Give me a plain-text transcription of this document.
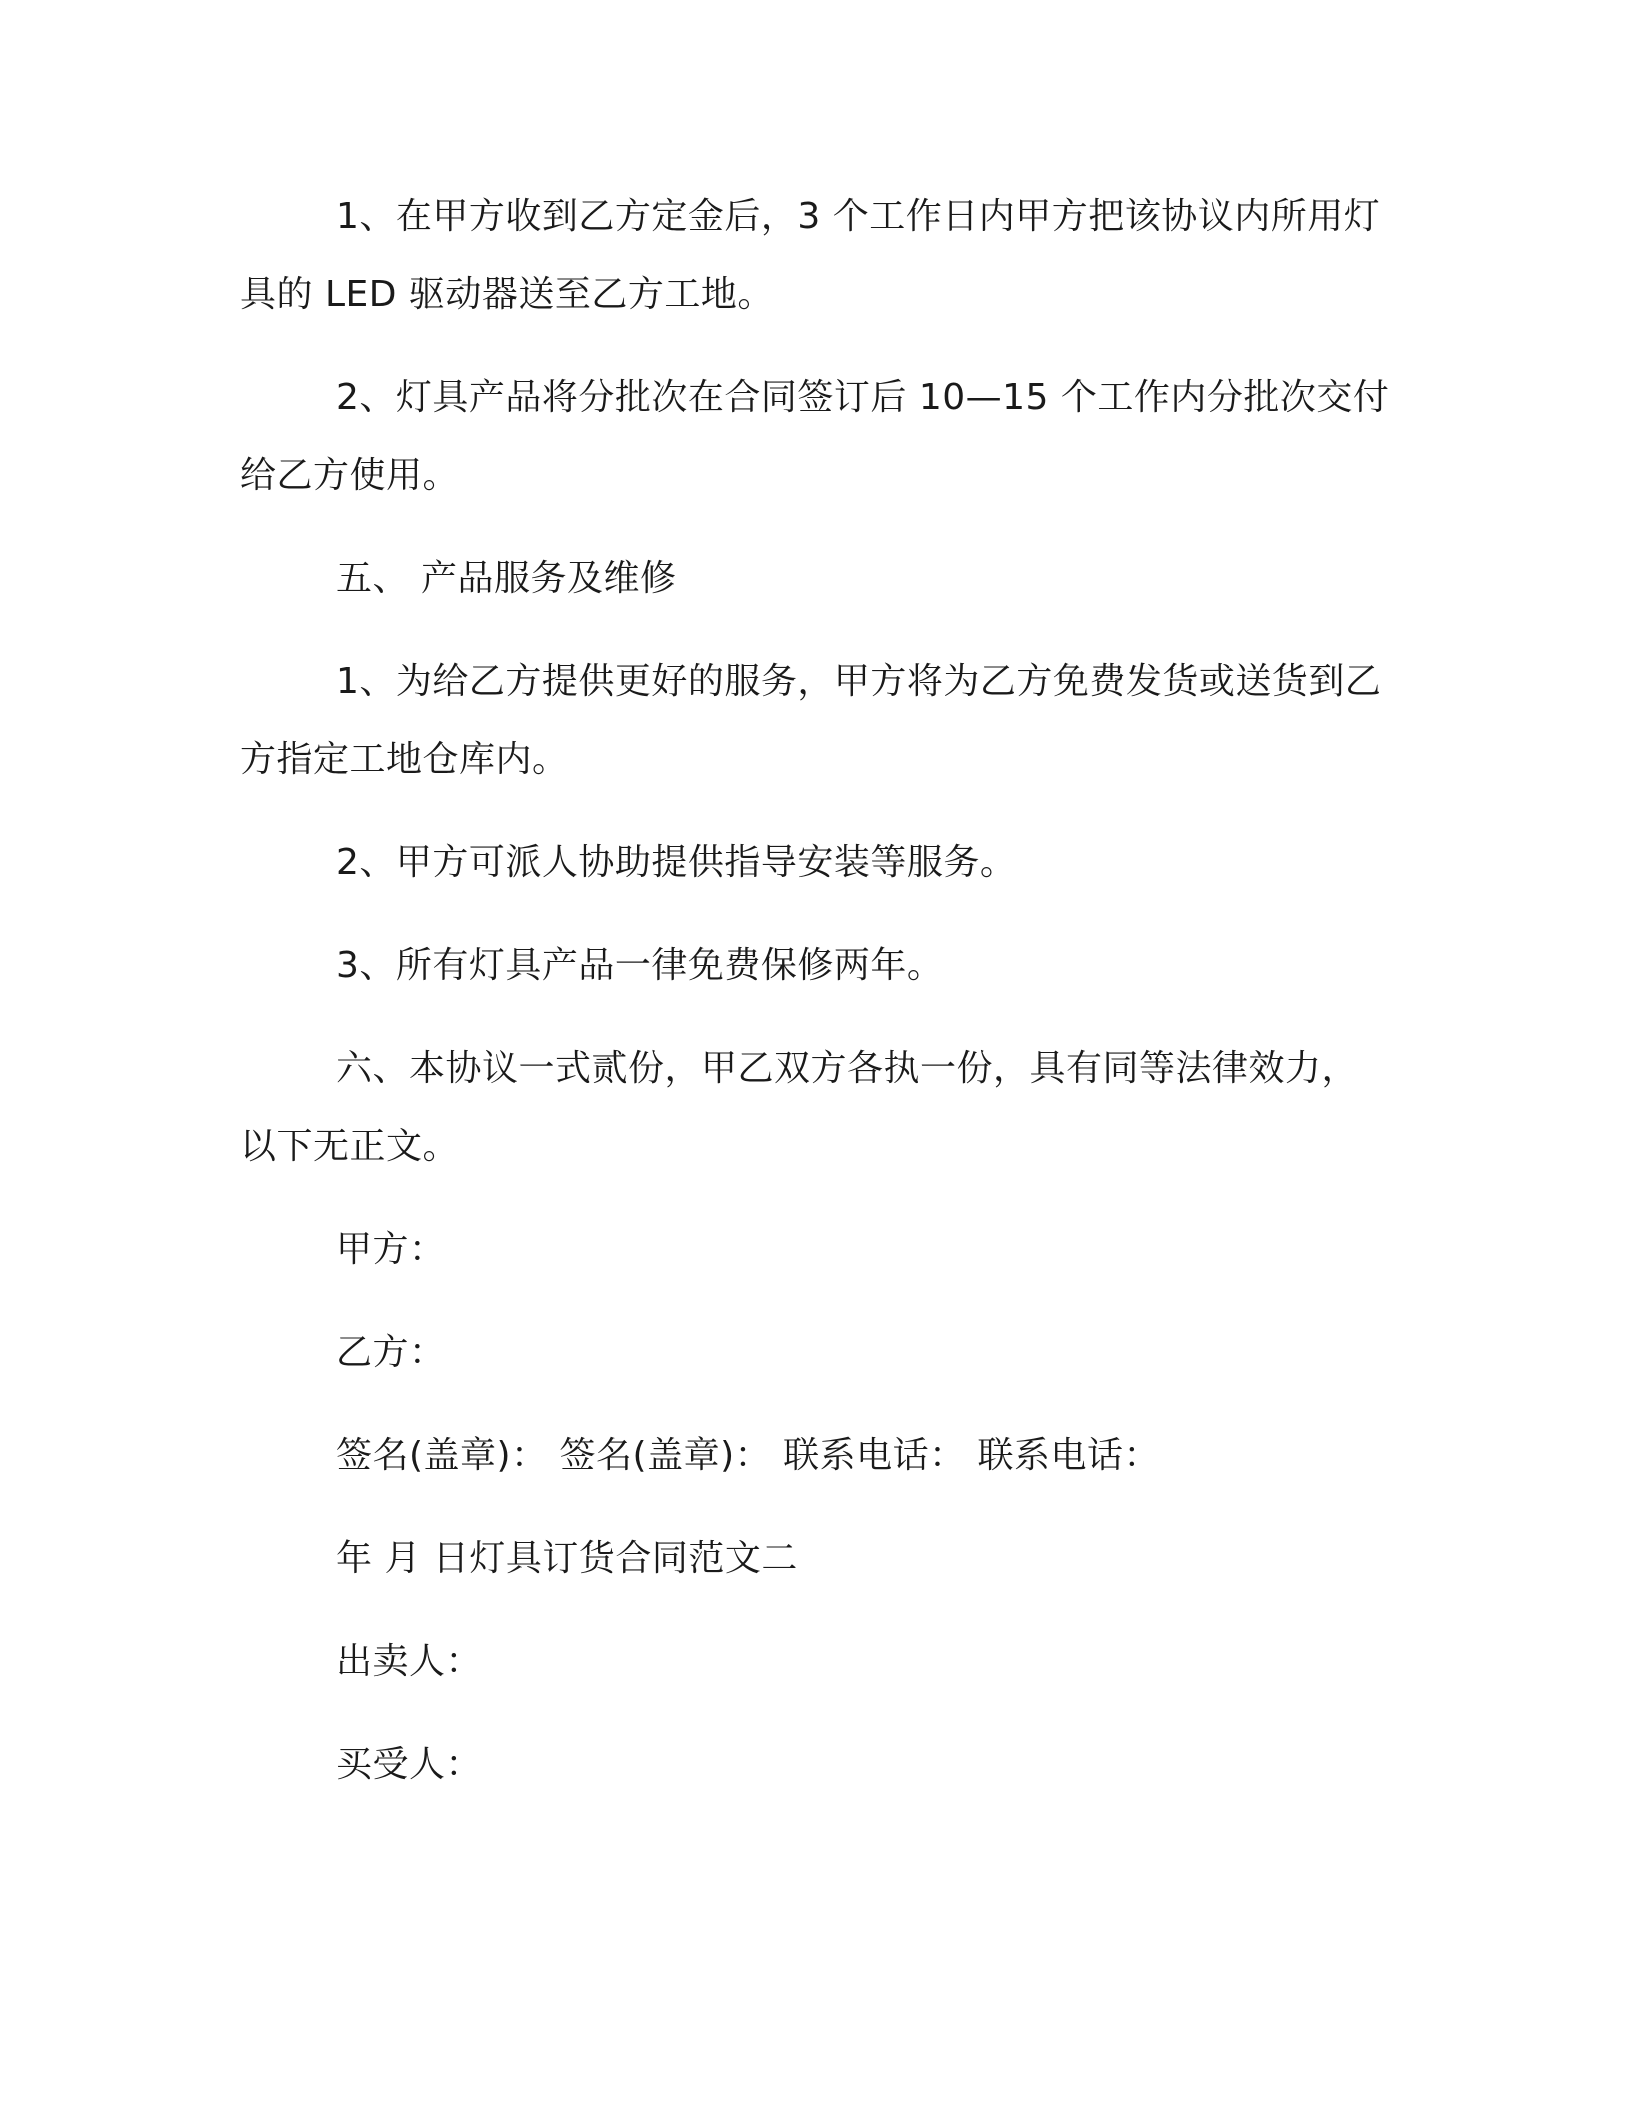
1、在甲方收到乙方定金后，3 个工作日内甲方把该协议内所用灯具的 LED 驱动器送至乙方工地。

2、灯具产品将分批次在合同签订后 10—15 个工作内分批次交付给乙方使用。

五、 产品服务及维修

1、为给乙方提供更好的服务，甲方将为乙方免费发货或送货到乙方指定工地仓库内。

2、甲方可派人协助提供指导安装等服务。

3、所有灯具产品一律免费保修两年。

六、本协议一式贰份，甲乙双方各执一份，具有同等法律效力，以下无正文。

甲方：

乙方：

签名(盖章)： 签名(盖章)： 联系电话： 联系电话：

年 月 日灯具订货合同范文二

出卖人：

买受人：
